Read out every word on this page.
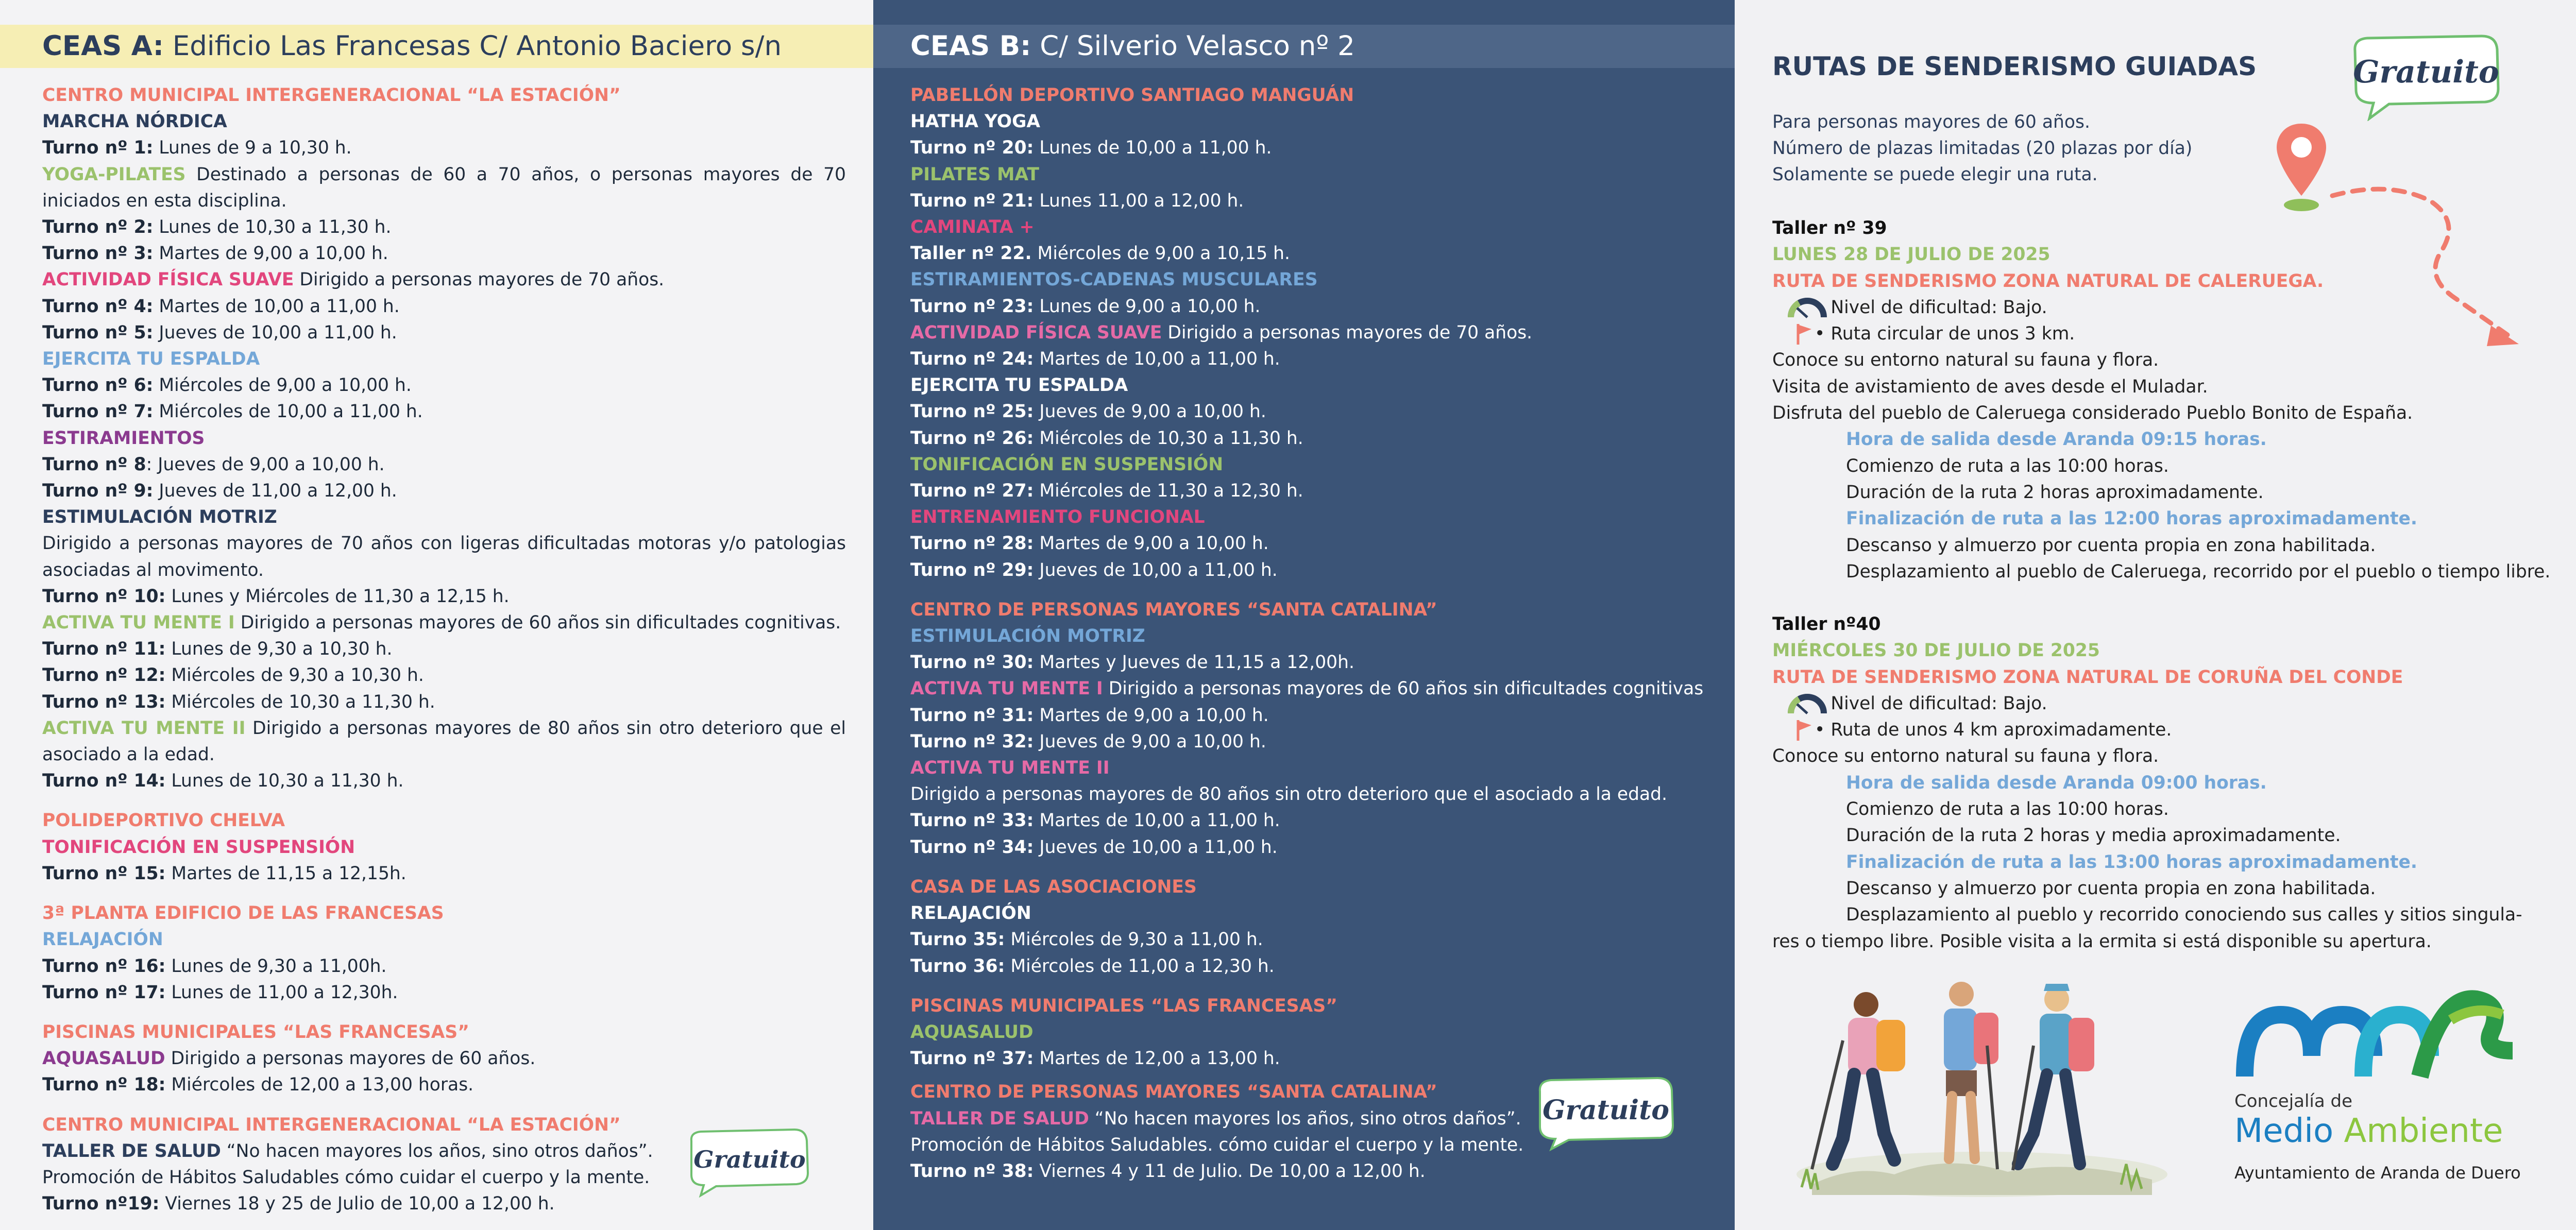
CEAS A: Edificio Las Francesas C/ Antonio Baciero s/n
CENTRO MUNICIPAL INTERGENERACIONAL “LA ESTACIÓN”
MARCHA NÓRDICA
Turno nº 1: Lunes de 9 a 10,30 h.
YOGA-PILATES Destinado a personas de 60 a 70 años, o personas mayores de 70 iniciados en esta disciplina.
Turno nº 2: Lunes de 10,30 a 11,30 h.
Turno nº 3: Martes de 9,00 a 10,00 h.
ACTIVIDAD FÍSICA SUAVE Dirigido a personas mayores de 70 años.
Turno nº 4: Martes de 10,00 a 11,00 h.
Turno nº 5: Jueves de 10,00 a 11,00 h.
EJERCITA TU ESPALDA
Turno nº 6: Miércoles de 9,00 a 10,00 h.
Turno nº 7: Miércoles de 10,00 a 11,00 h.
ESTIRAMIENTOS
Turno nº 8: Jueves de 9,00 a 10,00 h.
Turno nº 9: Jueves de 11,00 a 12,00 h.
ESTIMULACIÓN MOTRIZ
Dirigido a personas mayores de 70 años con ligeras dificultadas motoras y/o patologias asociadas al movimento.
Turno nº 10: Lunes y Miércoles de 11,30 a 12,15 h.
ACTIVA TU MENTE I Dirigido a personas mayores de 60 años sin dificultades cognitivas.
Turno nº 11: Lunes de 9,30 a 10,30 h.
Turno nº 12: Miércoles de 9,30 a 10,30 h.
Turno nº 13: Miércoles de 10,30 a 11,30 h.
ACTIVA TU MENTE II Dirigido a personas mayores de 80 años sin otro deterioro que el asociado a la edad.
Turno nº 14: Lunes de 10,30 a 11,30 h.
POLIDEPORTIVO CHELVA
TONIFICACIÓN EN SUSPENSIÓN
Turno nº 15: Martes de 11,15 a 12,15h.
3ª PLANTA EDIFICIO DE LAS FRANCESAS
RELAJACIÓN
Turno nº 16: Lunes de 9,30 a 11,00h.
Turno nº 17: Lunes de 11,00 a 12,30h.
PISCINAS MUNICIPALES “LAS FRANCESAS”
AQUASALUD Dirigido a personas mayores de 60 años.
Turno nº 18: Miércoles de 12,00 a 13,00 horas.
CENTRO MUNICIPAL INTERGENERACIONAL “LA ESTACIÓN”
TALLER DE SALUD “No hacen mayores los años, sino otros daños”.
Promoción de Hábitos Saludables cómo cuidar el cuerpo y la mente.
Turno nº19: Viernes 18 y 25 de Julio de 10,00 a 12,00 h.
Gratuito
CEAS B: C/ Silverio Velasco nº 2
PABELLÓN DEPORTIVO SANTIAGO MANGUÁN
HATHA YOGA
Turno nº 20: Lunes de 10,00 a 11,00 h.
PILATES MAT
Turno nº 21: Lunes 11,00 a 12,00 h.
CAMINATA +
Taller nº 22. Miércoles de 9,00 a 10,15 h.
ESTIRAMIENTOS-CADENAS MUSCULARES
Turno nº 23: Lunes de 9,00 a 10,00 h.
ACTIVIDAD FÍSICA SUAVE Dirigido a personas mayores de 70 años.
Turno nº 24: Martes de 10,00 a 11,00 h.
EJERCITA TU ESPALDA
Turno nº 25: Jueves de 9,00 a 10,00 h.
Turno nº 26: Miércoles de 10,30 a 11,30 h.
TONIFICACIÓN EN SUSPENSIÓN
Turno nº 27: Miércoles de 11,30 a 12,30 h.
ENTRENAMIENTO FUNCIONAL
Turno nº 28: Martes de 9,00 a 10,00 h.
Turno nº 29: Jueves de 10,00 a 11,00 h.
CENTRO DE PERSONAS MAYORES “SANTA CATALINA”
ESTIMULACIÓN MOTRIZ
Turno nº 30: Martes y Jueves de 11,15 a 12,00h.
ACTIVA TU MENTE I Dirigido a personas mayores de 60 años sin dificultades cognitivas
Turno nº 31: Martes de 9,00 a 10,00 h.
Turno nº 32: Jueves de 9,00 a 10,00 h.
ACTIVA TU MENTE II
Dirigido a personas mayores de 80 años sin otro deterioro que el asociado a la edad.
Turno nº 33: Martes de 10,00 a 11,00 h.
Turno nº 34: Jueves de 10,00 a 11,00 h.
CASA DE LAS ASOCIACIONES
RELAJACIÓN
Turno 35: Miércoles de 9,30 a 11,00 h.
Turno 36: Miércoles de 11,00 a 12,30 h.
PISCINAS MUNICIPALES “LAS FRANCESAS”
AQUASALUD
Turno nº 37: Martes de 12,00 a 13,00 h.
CENTRO DE PERSONAS MAYORES “SANTA CATALINA”
TALLER DE SALUD “No hacen mayores los años, sino otros daños”.
Promoción de Hábitos Saludables. cómo cuidar el cuerpo y la mente.
Turno nº 38: Viernes 4 y 11 de Julio. De 10,00 a 12,00 h.
Gratuito
RUTAS DE SENDERISMO GUIADAS	Gratuito
Para personas mayores de 60 años.
Número de plazas limitadas (20 plazas por día)
Solamente se puede elegir una ruta.
Taller nº 39
LUNES 28 DE JULIO DE 2025
RUTA DE SENDERISMO ZONA NATURAL DE CALERUEGA.
• Nivel de dificultad: Bajo.
• Ruta circular de unos 3 km.
Conoce su entorno natural su fauna y flora.
Visita de avistamiento de aves desde el Muladar.
Disfruta del pueblo de Caleruega considerado Pueblo Bonito de España.
Hora de salida desde Aranda 09:15 horas.
Comienzo de ruta a las 10:00 horas.
Duración de la ruta 2 horas aproximadamente.
Finalización de ruta a las 12:00 horas aproximadamente.
Descanso y almuerzo por cuenta propia en zona habilitada.
Desplazamiento al pueblo de Caleruega, recorrido por el pueblo o tiempo libre.
Taller nº40
MIÉRCOLES 30 DE JULIO DE 2025
RUTA DE SENDERISMO ZONA NATURAL DE CORUÑA DEL CONDE
• Nivel de dificultad: Bajo.
• Ruta de unos 4 km aproximadamente.
Conoce su entorno natural su fauna y flora.
Hora de salida desde Aranda 09:00 horas.
Comienzo de ruta a las 10:00 horas.
Duración de la ruta 2 horas y media aproximadamente.
Finalización de ruta a las 13:00 horas aproximadamente.
Descanso y almuerzo por cuenta propia en zona habilitada.
Desplazamiento al pueblo y recorrido conociendo sus calles y sitios singula-
res o tiempo libre. Posible visita a la ermita si está disponible su apertura.
Concejalía de
Medio Ambiente
Ayuntamiento de Aranda de Duero
